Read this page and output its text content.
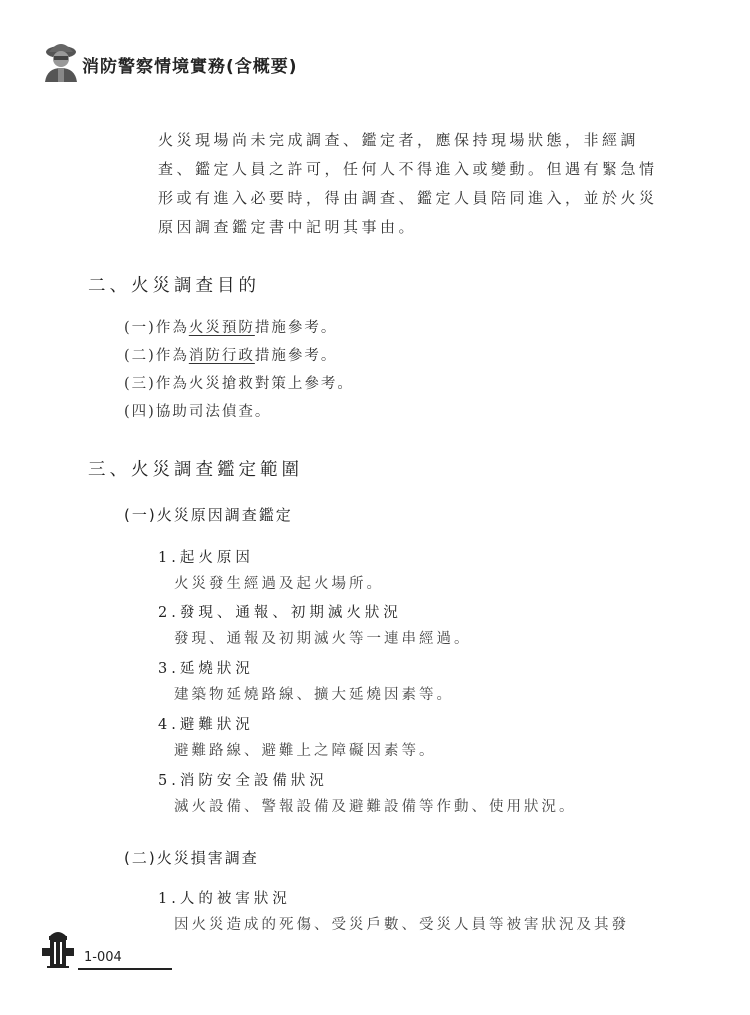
消防警察情境實務(含概要)

火災現場尚未完成調查、鑑定者，應保持現場狀態，非經調

查、鑑定人員之許可，任何人不得進入或變動。但遇有緊急情

形或有進入必要時，得由調查、鑑定人員陪同進入，並於火災

原因調查鑑定書中記明其事由。

二、火災調查目的
(一)作為火災預防措施參考。
(二)作為消防行政措施參考。
(三)作為火災搶救對策上參考。
(四)協助司法偵查。
三、火災調查鑑定範圍
(一)火災原因調查鑑定
1.起火原因
火災發生經過及起火場所。
2.發現、通報、初期滅火狀況
發現、通報及初期滅火等一連串經過。
3.延燒狀況
建築物延燒路線、擴大延燒因素等。
4.避難狀況
避難路線、避難上之障礙因素等。
5.消防安全設備狀況
滅火設備、警報設備及避難設備等作動、使用狀況。
(二)火災損害調查
1.人的被害狀況
因火災造成的死傷、受災戶數、受災人員等被害狀況及其發
1-004
